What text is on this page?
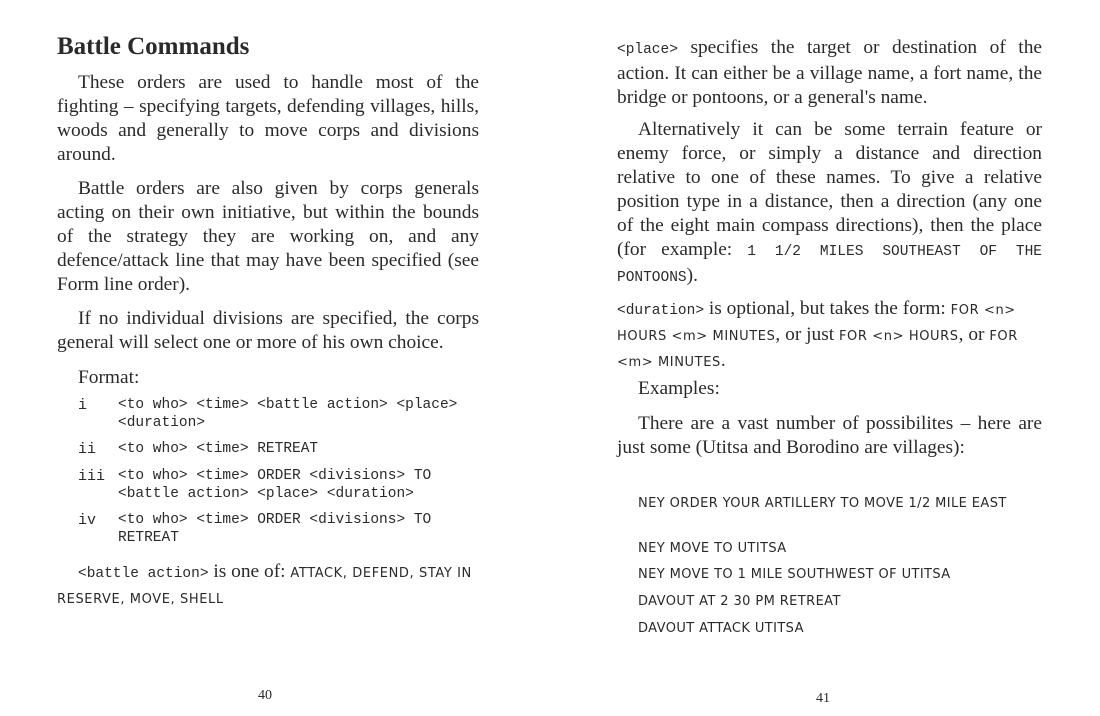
Battle Commands

These orders are used to handle most of the fighting – specifying targets, defending villages, hills, woods and generally to move corps and divisions around.

Battle orders are also given by corps generals acting on their own initiative, but within the bounds of the strategy they are working on, and any defence/attack line that may have been specified (see Form line order).

If no individual divisions are specified, the corps general will select one or more of his own choice.

Format:

i	<to who> <time> <battle action> <place> <duration>
ii	<to who> <time> RETREAT
iii <to who> <time> ORDER <divisions> TO <battle action> <place> <duration>
iv	<to who> <time> ORDER <divisions> TO RETREAT

<battle action> is one of: ATTACK, DEFEND, STAY IN RESERVE, MOVE, SHELL

40

<place> specifies the target or destination of the action. It can either be a village name, a fort name, the bridge or pontoons, or a general's name.

Alternatively it can be some terrain feature or enemy force, or simply a distance and direction relative to one of these names. To give a relative position type in a distance, then a direction (any one of the eight main compass directions), then the place (for example: 1 1/2 MILES SOUTHEAST OF THE PONTOONS).

<duration> is optional, but takes the form: FOR <n> HOURS <m> MINUTES, or just FOR <n> HOURS, or FOR <m> MINUTES.

Examples:

There are a vast number of possibilites – here are just some (Utitsa and Borodino are villages):

NEY ORDER YOUR ARTILLERY TO MOVE 1/2 MILE EAST

NEY MOVE TO UTITSA

NEY MOVE TO 1 MILE SOUTHWEST OF UTITSA

DAVOUT AT 2 30 PM RETREAT

DAVOUT ATTACK UTITSA

41
